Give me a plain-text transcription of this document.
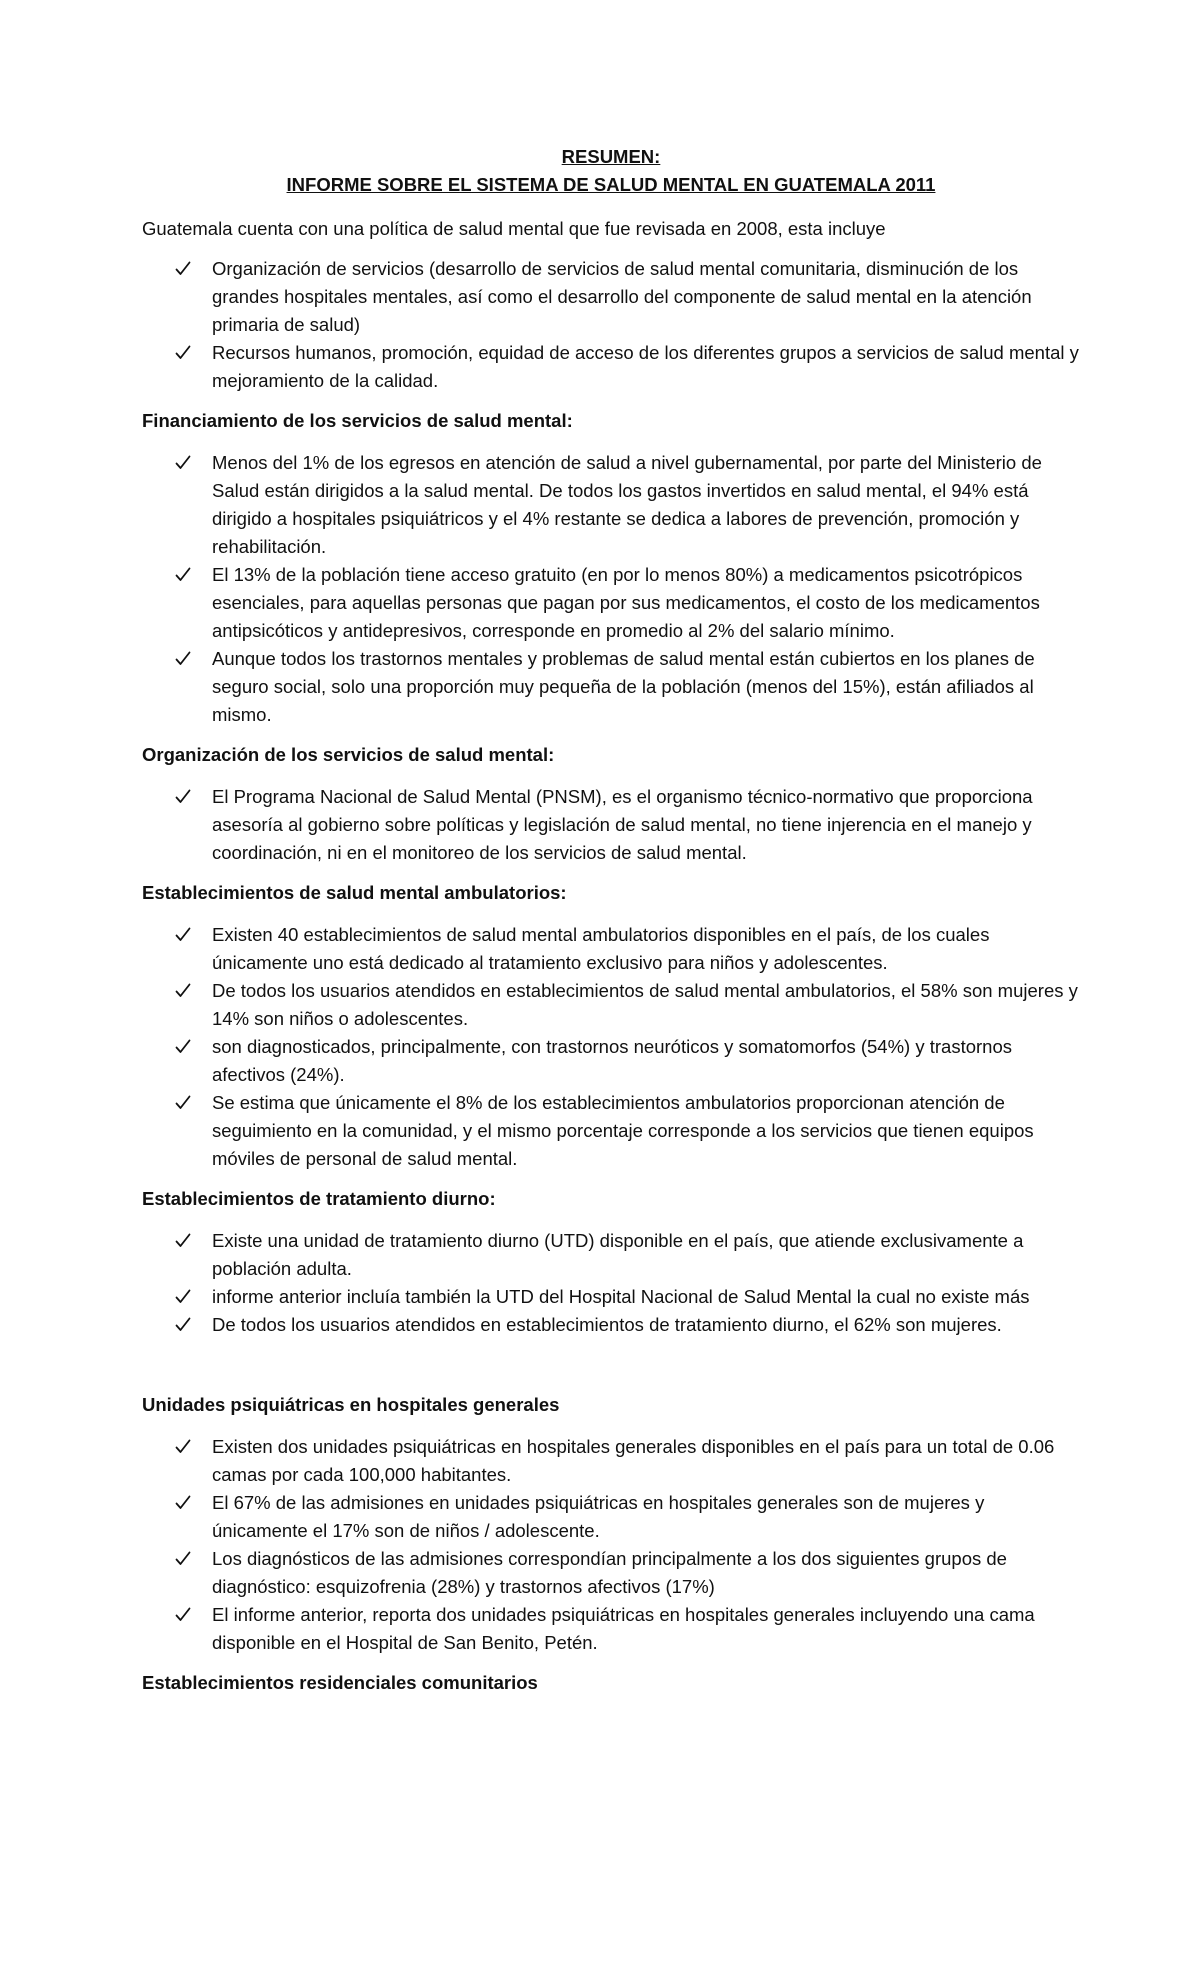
RESUMEN:
INFORME SOBRE EL SISTEMA DE SALUD MENTAL EN GUATEMALA 2011

Guatemala cuenta con una política de salud mental que fue revisada en 2008, esta incluye

Organización de servicios (desarrollo de servicios de salud mental comunitaria, disminución de los grandes hospitales mentales, así como el desarrollo del componente de salud mental en la atención primaria de salud)
Recursos humanos, promoción, equidad de acceso de los diferentes grupos a servicios de salud mental y mejoramiento de la calidad.
Financiamiento de los servicios de salud mental:
Menos del 1% de los egresos en atención de salud a nivel gubernamental, por parte del Ministerio de Salud están dirigidos a la salud mental. De todos los gastos invertidos en salud mental, el 94% está dirigido a hospitales psiquiátricos y el 4% restante se dedica a labores de prevención, promoción y rehabilitación.
El 13% de la población tiene acceso gratuito (en por lo menos 80%) a medicamentos psicotrópicos esenciales, para aquellas personas que pagan por sus medicamentos, el costo de los medicamentos antipsicóticos y antidepresivos, corresponde en promedio al 2% del salario mínimo.
Aunque todos los trastornos mentales y problemas de salud mental están cubiertos en los planes de seguro social, solo una proporción muy pequeña de la población (menos del 15%), están afiliados al mismo.
Organización de los servicios de salud mental:
El Programa Nacional de Salud Mental (PNSM), es el organismo técnico-normativo que proporciona asesoría al gobierno sobre políticas y legislación de salud mental, no tiene injerencia en el manejo y coordinación, ni en el monitoreo de los servicios de salud mental.
Establecimientos de salud mental ambulatorios:
Existen 40 establecimientos de salud mental ambulatorios disponibles en el país, de los cuales únicamente uno está dedicado al tratamiento exclusivo para niños y adolescentes.
De todos los usuarios atendidos en establecimientos de salud mental ambulatorios, el 58% son mujeres y 14% son niños o adolescentes.
son diagnosticados, principalmente, con trastornos neuróticos y somatomorfos (54%) y trastornos afectivos (24%).
Se estima que únicamente el 8% de los establecimientos ambulatorios proporcionan atención de seguimiento en la comunidad, y el mismo porcentaje corresponde a los servicios que tienen equipos móviles de personal de salud mental.
Establecimientos de tratamiento diurno:
Existe una unidad de tratamiento diurno (UTD) disponible en el país, que atiende exclusivamente a población adulta.
informe anterior incluía también la UTD del Hospital Nacional de Salud Mental la cual no existe más
De todos los usuarios atendidos en establecimientos de tratamiento diurno, el 62% son mujeres.
Unidades psiquiátricas en hospitales generales
Existen dos unidades psiquiátricas en hospitales generales disponibles en el país para un total de 0.06 camas por cada 100,000 habitantes.
El 67% de las admisiones en unidades psiquiátricas en hospitales generales son de mujeres y únicamente el 17% son de niños / adolescente.
Los diagnósticos de las admisiones correspondían principalmente a los dos siguientes grupos de diagnóstico: esquizofrenia (28%) y trastornos afectivos (17%)
El informe anterior, reporta dos unidades psiquiátricas en hospitales generales incluyendo una cama disponible en el Hospital de San Benito, Petén.
Establecimientos residenciales comunitarios
